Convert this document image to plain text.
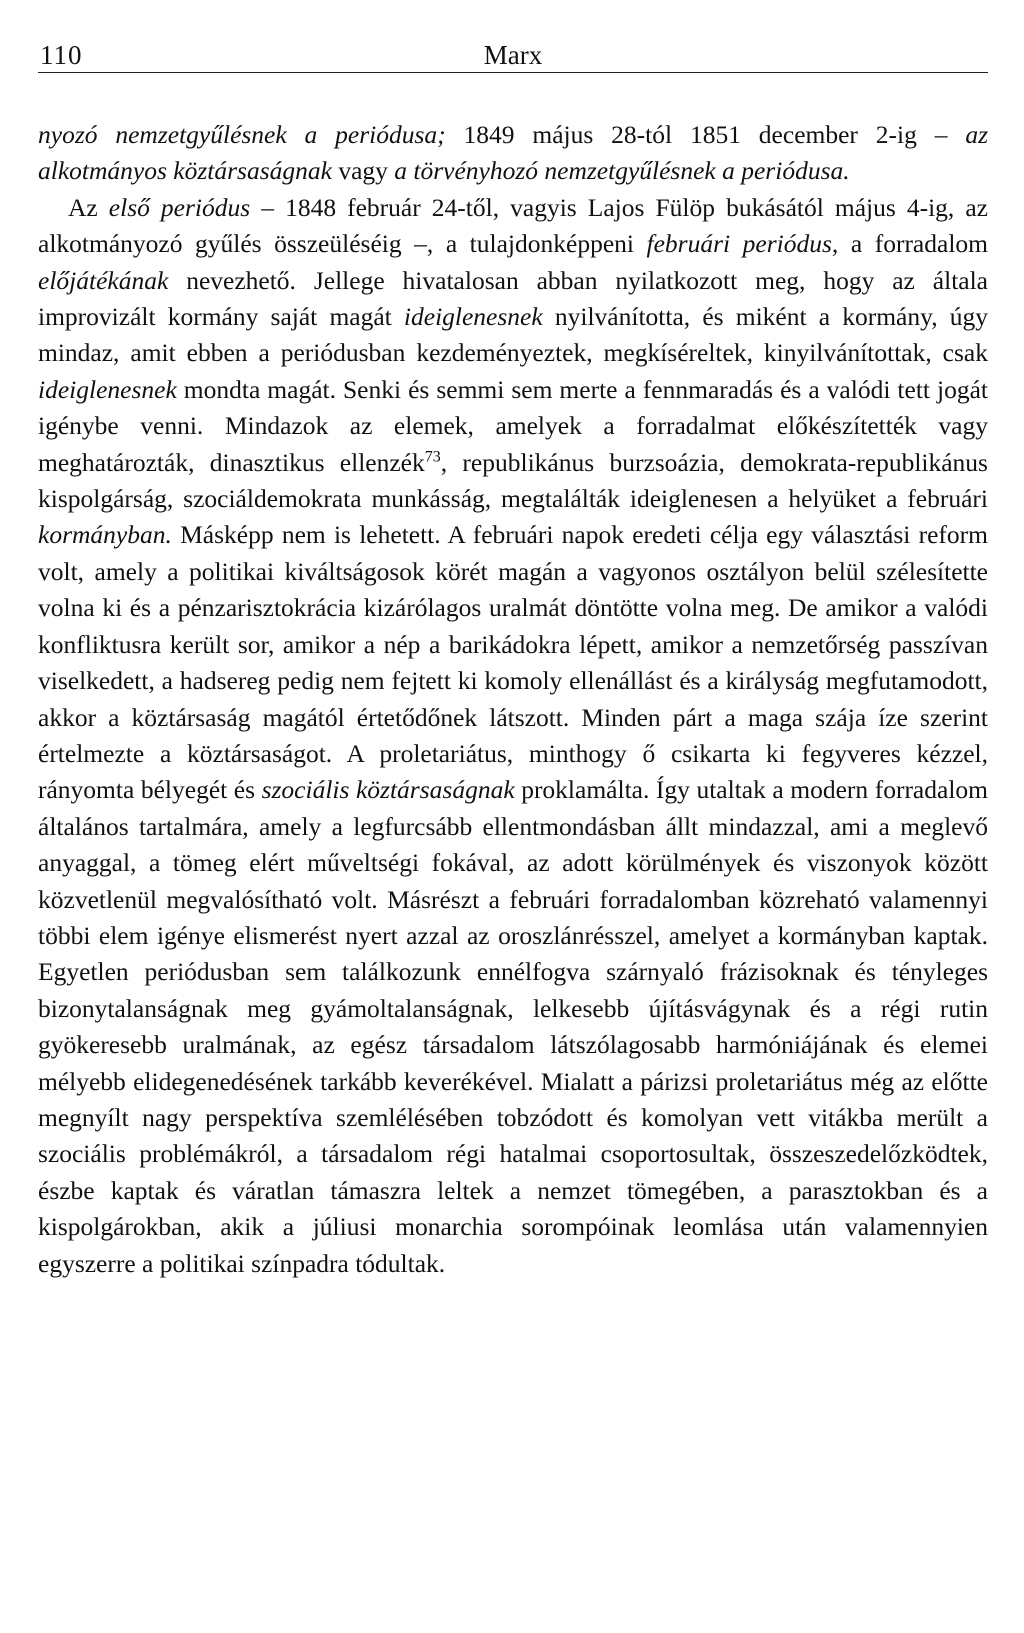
110	Marx

nyozó nemzetgyűlésnek a periódusa; 1849 május 28-tól 1851 december 2-ig – az alkotmányos köztársaságnak vagy a törvényhozó nemzetgyűlésnek a periódusa.

Az első periódus – 1848 február 24-től, vagyis Lajos Fülöp bukásától május 4-ig, az alkotmányozó gyűlés összeüléséig –, a tulajdonképpeni februári periódus, a forradalom előjátékának nevezhető. Jellege hivatalosan abban nyilatkozott meg, hogy az általa improvizált kormány saját magát ideiglenesnek nyilvánította, és miként a kormány, úgy mindaz, amit ebben a periódusban kezdeményeztek, megkíséreltek, kinyilvánítottak, csak ideiglenesnek mondta magát. Senki és semmi sem merte a fennmaradás és a valódi tett jogát igénybe venni. Mindazok az elemek, amelyek a forradalmat előkészítették vagy meghatározták, dinasztikus ellenzék$^{73}$, republikánus burzsoázia, demokrata-republikánus kispolgárság, szociáldemokrata munkásság, megtalálták ideiglenesen a helyüket a februári kormányban. Másképp nem is lehetett. A februári napok eredeti célja egy választási reform volt, amely a politikai kiváltságosok körét magán a vagyonos osztályon belül szélesítette volna ki és a pénzarisztokrácia kizárólagos uralmát döntötte volna meg. De amikor a valódi konfliktusra került sor, amikor a nép a barikádokra lépett, amikor a nemzetőrség passzívan viselkedett, a hadsereg pedig nem fejtett ki komoly ellenállást és a királyság megfutamodott, akkor a köztársaság magától értetődőnek látszott. Minden párt a maga szája íze szerint értelmezte a köztársaságot. A proletariátus, minthogy ő csikarta ki fegyveres kézzel, rányomta bélyegét és szociális köztársaságnak proklamálta. Így utaltak a modern forradalom általános tartalmára, amely a legfurcsább ellentmondásban állt mindazzal, ami a meglevő anyaggal, a tömeg elért műveltségi fokával, az adott körülmények és viszonyok között közvetlenül megvalósítható volt. Másrészt a februári forradalomban közreható valamennyi többi elem igénye elismerést nyert azzal az oroszlánrésszel, amelyet a kormányban kaptak. Egyetlen periódusban sem találkozunk ennélfogva szárnyaló frázisoknak és tényleges bizonytalanságnak meg gyámoltalanságnak, lelkesebb újításvágynak és a régi rutin gyökeresebb uralmának, az egész társadalom látszólagosabb harmóniájának és elemei mélyebb elidegenedésének tarkább keverékével. Mialatt a párizsi proletariátus még az előtte megnyílt nagy perspektíva szemlélésében tobzódott és komolyan vett vitákba merült a szociális problémákról, a társadalom régi hatalmai csoportosultak, összeszedelőzködtek, észbe kaptak és váratlan támaszra leltek a nemzet tömegében, a parasztokban és a kispolgárokban, akik a júliusi monarchia sorompóinak leomlása után valamennyien egyszerre a politikai színpadra tódultak.
